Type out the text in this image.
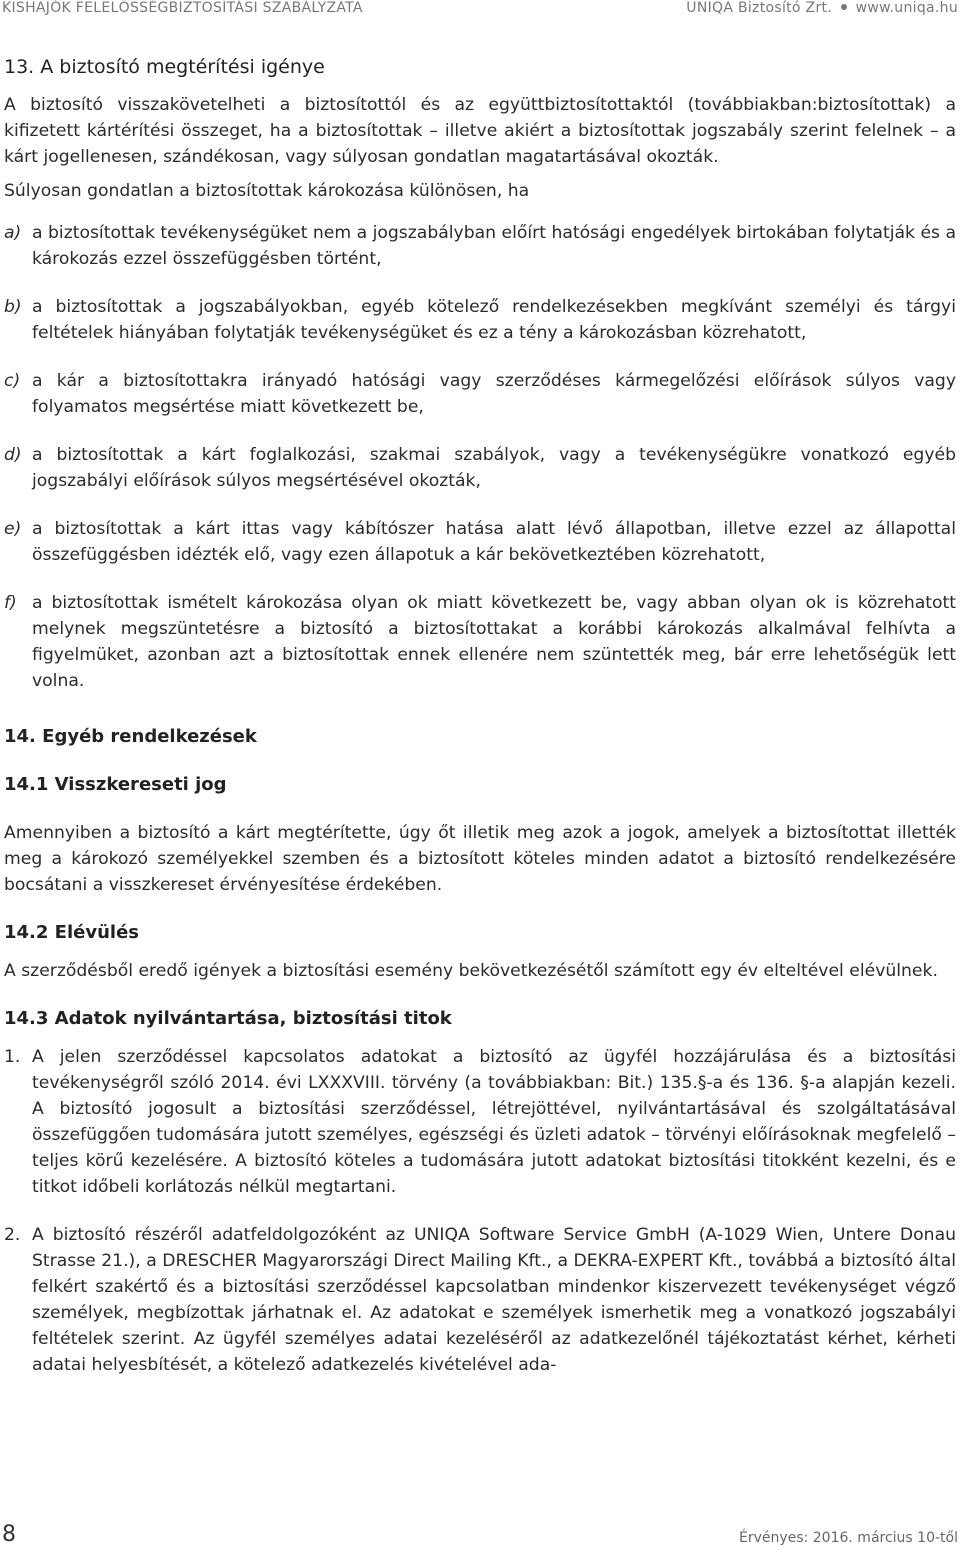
KISHAJÓK FELELŐSSÉGBIZTOSÍTÁSI SZABÁLYZATA	UNIQA Biztosító Zrt. www.uniqa.hu

13. A biztosító megtérítési igénye

A biztosító visszakövetelheti a biztosítottól és az együttbiztosítottaktól (továbbiakban:biztosítottak) a kifizetett kártérítési összeget, ha a biztosítottak – illetve akiért a biztosítottak jogszabály szerint felelnek – a kárt jogellenesen, szándékosan, vagy súlyosan gondatlan magatartásával okozták.

Súlyosan gondatlan a biztosítottak károkozása különösen, ha

a) a biztosítottak tevékenységüket nem a jogszabályban előírt hatósági engedélyek birtokában folytatják és a károkozás ezzel összefüggésben történt,
b) a biztosítottak a jogszabályokban, egyéb kötelező rendelkezésekben megkívánt személyi és tárgyi feltételek hiányában folytatják tevékenységüket és ez a tény a károkozásban közrehatott,
c) a kár a biztosítottakra irányadó hatósági vagy szerződéses kármegelőzési előírások súlyos vagy folyamatos megsértése miatt következett be,
d) a biztosítottak a kárt foglalkozási, szakmai szabályok, vagy a tevékenységükre vonatkozó egyéb jogszabályi előírások súlyos megsértésével okozták,
e) a biztosítottak a kárt ittas vagy kábítószer hatása alatt lévő állapotban, illetve ezzel az állapottal összefüggésben idézték elő, vagy ezen állapotuk a kár bekövetkeztében közrehatott,
f) a biztosítottak ismételt károkozása olyan ok miatt következett be, vagy abban olyan ok is közrehatott melynek megszüntetésre a biztosító a biztosítottakat a korábbi károkozás alkalmával felhívta a figyelmüket, azonban azt a biztosítottak ennek ellenére nem szüntették meg, bár erre lehetőségük lett volna.

14. Egyéb rendelkezések

14.1 Visszkereseti jog

Amennyiben a biztosító a kárt megtérítette, úgy őt illetik meg azok a jogok, amelyek a biztosítottat illették meg a károkozó személyekkel szemben és a biztosított köteles minden adatot a biztosító rendelkezésére bocsátani a visszkereset érvényesítése érdekében.

14.2 Elévülés

A szerződésből eredő igények a biztosítási esemény bekövetkezésétől számított egy év elteltével elévülnek.

14.3 Adatok nyilvántartása, biztosítási titok

1. A jelen szerződéssel kapcsolatos adatokat a biztosító az ügyfél hozzájárulása és a biztosítási tevékenységről szóló 2014. évi LXXXVIII. törvény (a továbbiakban: Bit.) 135.§-a és 136. §-a alapján kezeli. A biztosító jogosult a biztosítási szerződéssel, létrejöttével, nyilvántartásával és szolgáltatásával összefüggően tudomására jutott személyes, egészségi és üzleti adatok – törvényi előírásoknak megfelelő – teljes körű kezelésére. A biztosító köteles a tudomására jutott adatokat biztosítási titokként kezelni, és e titkot időbeli korlátozás nélkül megtartani.
2. A biztosító részéről adatfeldolgozóként az UNIQA Software Service GmbH (A-1029 Wien, Untere Donau Strasse 21.), a DRESCHER Magyarországi Direct Mailing Kft., a DEKRA-EXPERT Kft., továbbá a biztosító által felkért szakértő és a biztosítási szerződéssel kapcsolatban mindenkor kiszervezett tevékenységet végző személyek, megbízottak járhatnak el. Az adatokat e személyek ismerhetik meg a vonatkozó jogszabályi feltételek szerint. Az ügyfél személyes adatai kezeléséről az adatkezelőnél tájékoztatást kérhet, kérheti adatai helyesbítését, a kötelező adatkezelés kivételével ada-
8	Érvényes: 2016. március 10-től
